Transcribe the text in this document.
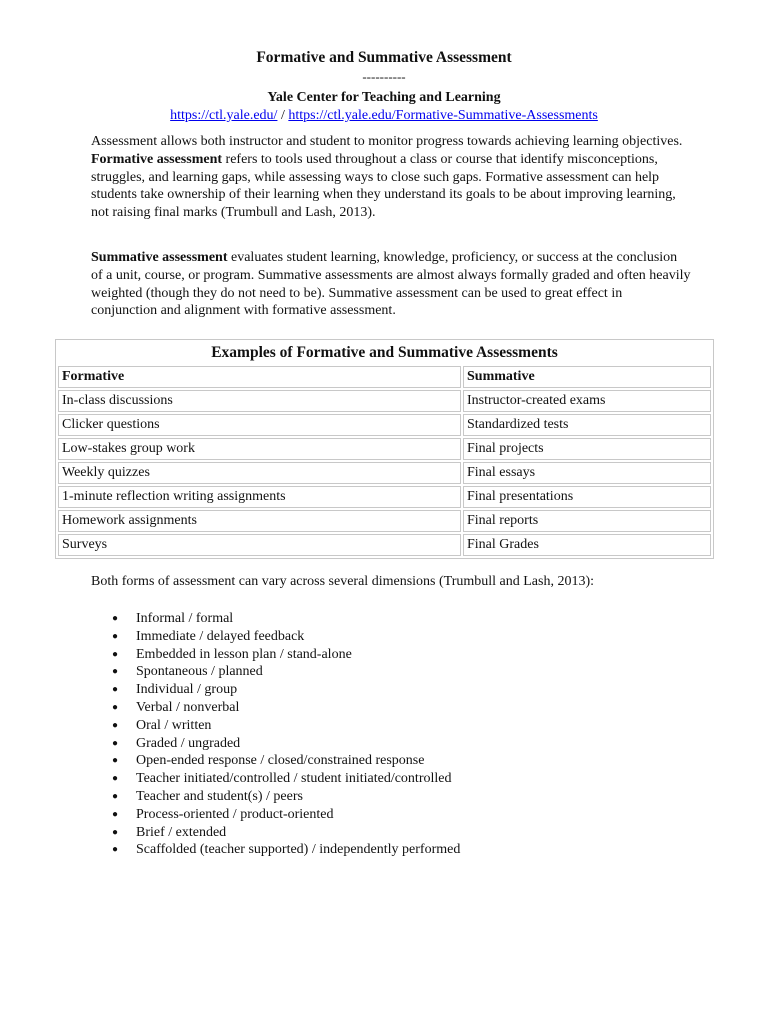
Formative and Summative Assessment
----------
Yale Center for Teaching and Learning
https://ctl.yale.edu/ / https://ctl.yale.edu/Formative-Summative-Assessments
Assessment allows both instructor and student to monitor progress towards achieving learning objectives. Formative assessment refers to tools used throughout a class or course that identify misconceptions, struggles, and learning gaps, while assessing ways to close such gaps. Formative assessment can help students take ownership of their learning when they understand its goals to be about improving learning, not raising final marks (Trumbull and Lash, 2013).
Summative assessment evaluates student learning, knowledge, proficiency, or success at the conclusion of a unit, course, or program. Summative assessments are almost always formally graded and often heavily weighted (though they do not need to be). Summative assessment can be used to great effect in conjunction and alignment with formative assessment.
Examples of Formative and Summative Assessments	
Formative	Summative
In-class discussions	Instructor-created exams
Clicker questions	Standardized tests
Low-stakes group work	Final projects
Weekly quizzes	Final essays
1-minute reflection writing assignments	Final presentations
Homework assignments	Final reports
Surveys	Final Grades
Both forms of assessment can vary across several dimensions (Trumbull and Lash, 2013):
● Informal / formal
● Immediate / delayed feedback
● Embedded in lesson plan / stand-alone
● Spontaneous / planned
● Individual / group
● Verbal / nonverbal
● Oral / written
● Graded / ungraded
● Open-ended response / closed/constrained response
● Teacher initiated/controlled / student initiated/controlled
● Teacher and student(s) / peers
● Process-oriented / product-oriented
● Brief / extended
● Scaffolded (teacher supported) / independently performed
